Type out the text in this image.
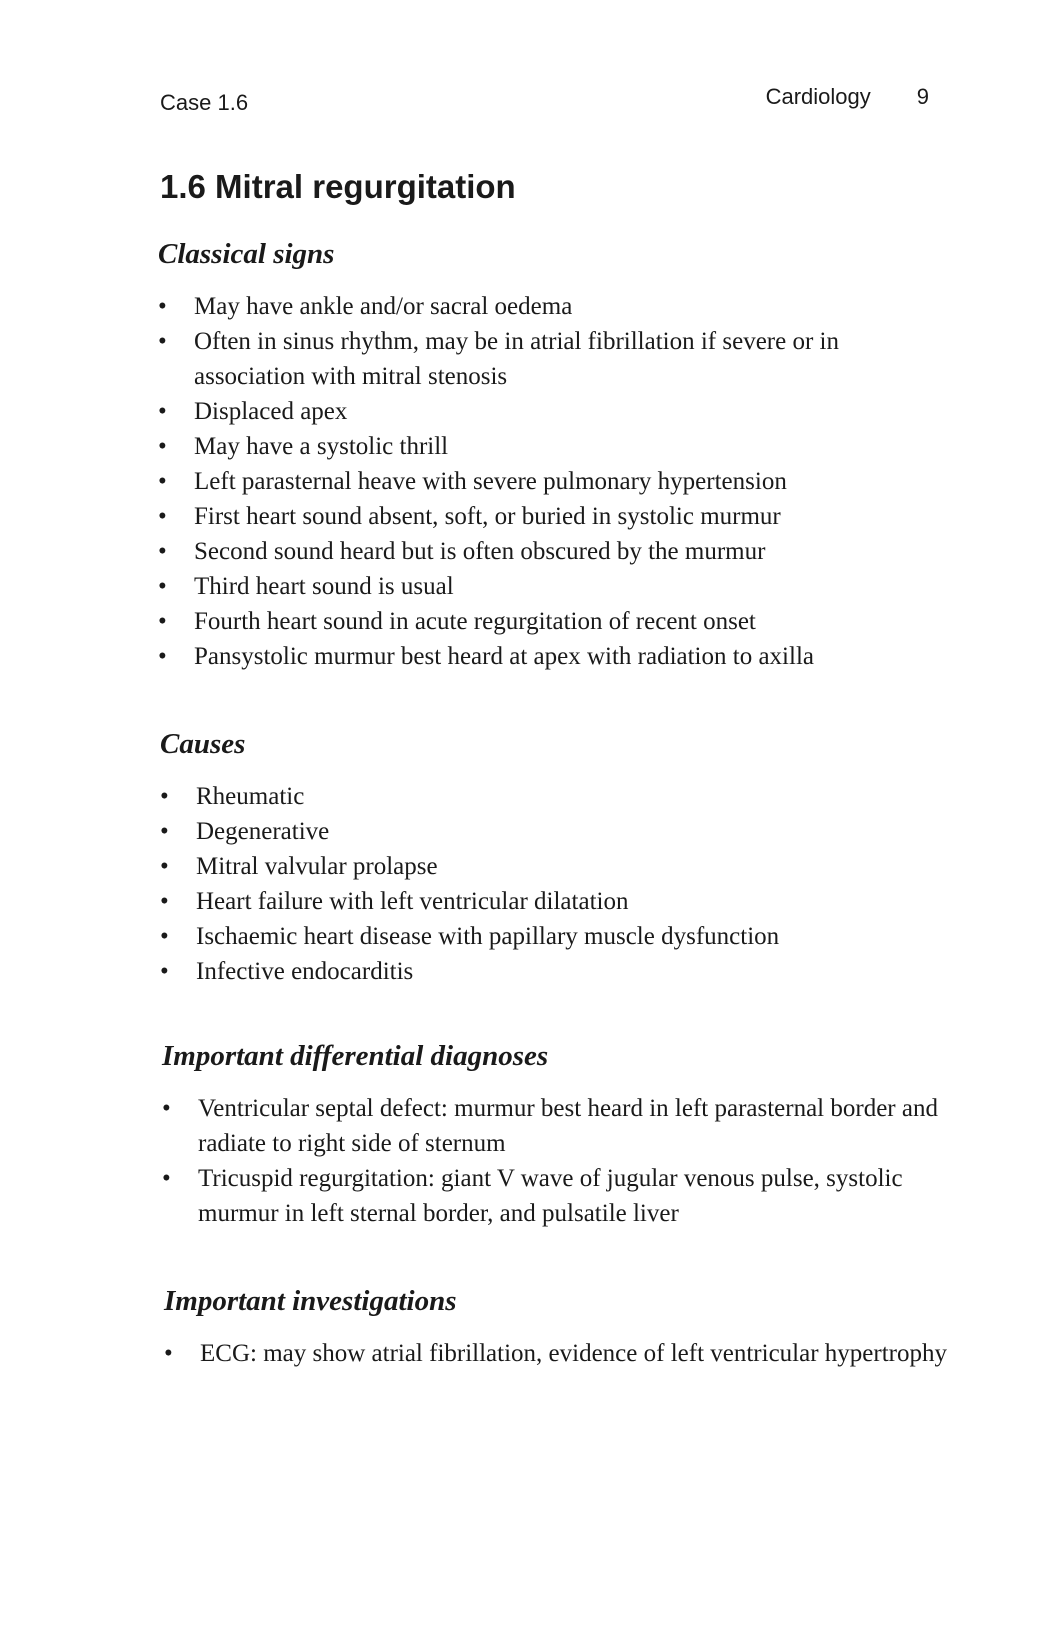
Case 1.6	Cardiology 9
1.6 Mitral regurgitation
Classical signs
• May have ankle and/or sacral oedema
• Often in sinus rhythm, may be in atrial fibrillation if severe or in association with mitral stenosis
• Displaced apex
• May have a systolic thrill
• Left parasternal heave with severe pulmonary hypertension
• First heart sound absent, soft, or buried in systolic murmur
• Second sound heard but is often obscured by the murmur
• Third heart sound is usual
• Fourth heart sound in acute regurgitation of recent onset
• Pansystolic murmur best heard at apex with radiation to axilla
Causes
• Rheumatic
• Degenerative
• Mitral valvular prolapse
• Heart failure with left ventricular dilatation
• Ischaemic heart disease with papillary muscle dysfunction
• Infective endocarditis
Important differential diagnoses
• Ventricular septal defect: murmur best heard in left parasternal border and radiate to right side of sternum
• Tricuspid regurgitation: giant V wave of jugular venous pulse, systolic murmur in left sternal border, and pulsatile liver
Important investigations
• ECG: may show atrial fibrillation, evidence of left ventricular hypertrophy
